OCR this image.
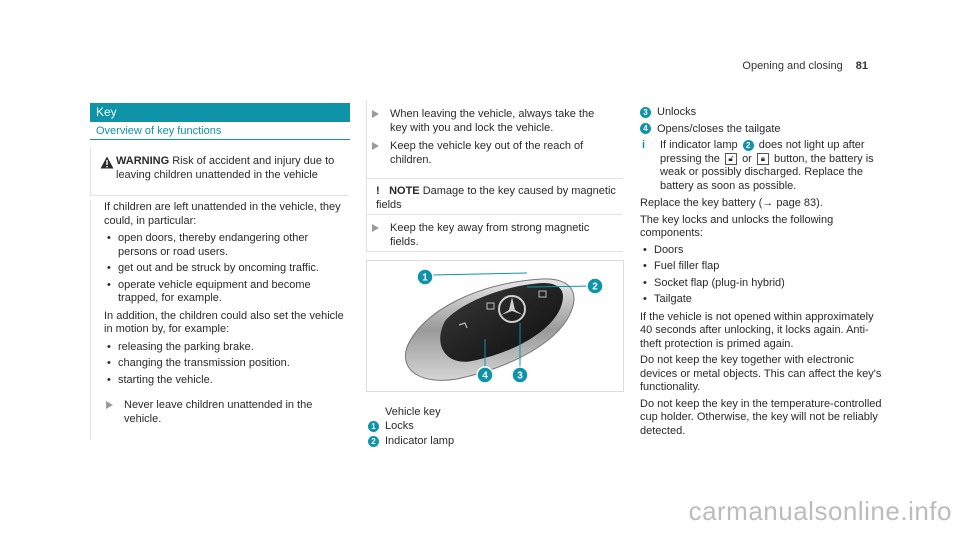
Opening and closing 81
Key
Overview of key functions
WARNING Risk of accident and injury due to leaving children unattended in the vehicle

If children are left unattended in the vehicle, they could, in particular:

• open doors, thereby endangering other persons or road users.
• get out and be struck by oncoming traffic.
• operate vehicle equipment and become trapped, for example.

In addition, the children could also set the vehicle in motion by, for example:

• releasing the parking brake.
• changing the transmission position.
• starting the vehicle.
Never leave children unattended in the vehicle.
When leaving the vehicle, always take the key with you and lock the vehicle.
Keep the vehicle key out of the reach of children.
! NOTE Damage to the key caused by magnetic fields
Keep the key away from strong magnetic fields.
1
2
3
4
Vehicle key
1 Locks
2 Indicator lamp

3 Unlocks

4 Opens/closes the tailgate

i If indicator lamp 2 does not light up after pressing the 🔓︎ or 🔒︎ button, the battery is weak or possibly discharged. Replace the battery as soon as possible.

Replace the key battery (→ page 83).

The key locks and unlocks the following components:

• Doors
• Fuel filler flap
• Socket flap (plug-in hybrid)
• Tailgate

If the vehicle is not opened within approximately 40 seconds after unlocking, it locks again. Anti-theft protection is primed again.

Do not keep the key together with electronic devices or metal objects. This can affect the key's functionality.

Do not keep the key in the temperature-controlled cup holder. Otherwise, the key will not be reliably detected.

carmanualsonline.info
